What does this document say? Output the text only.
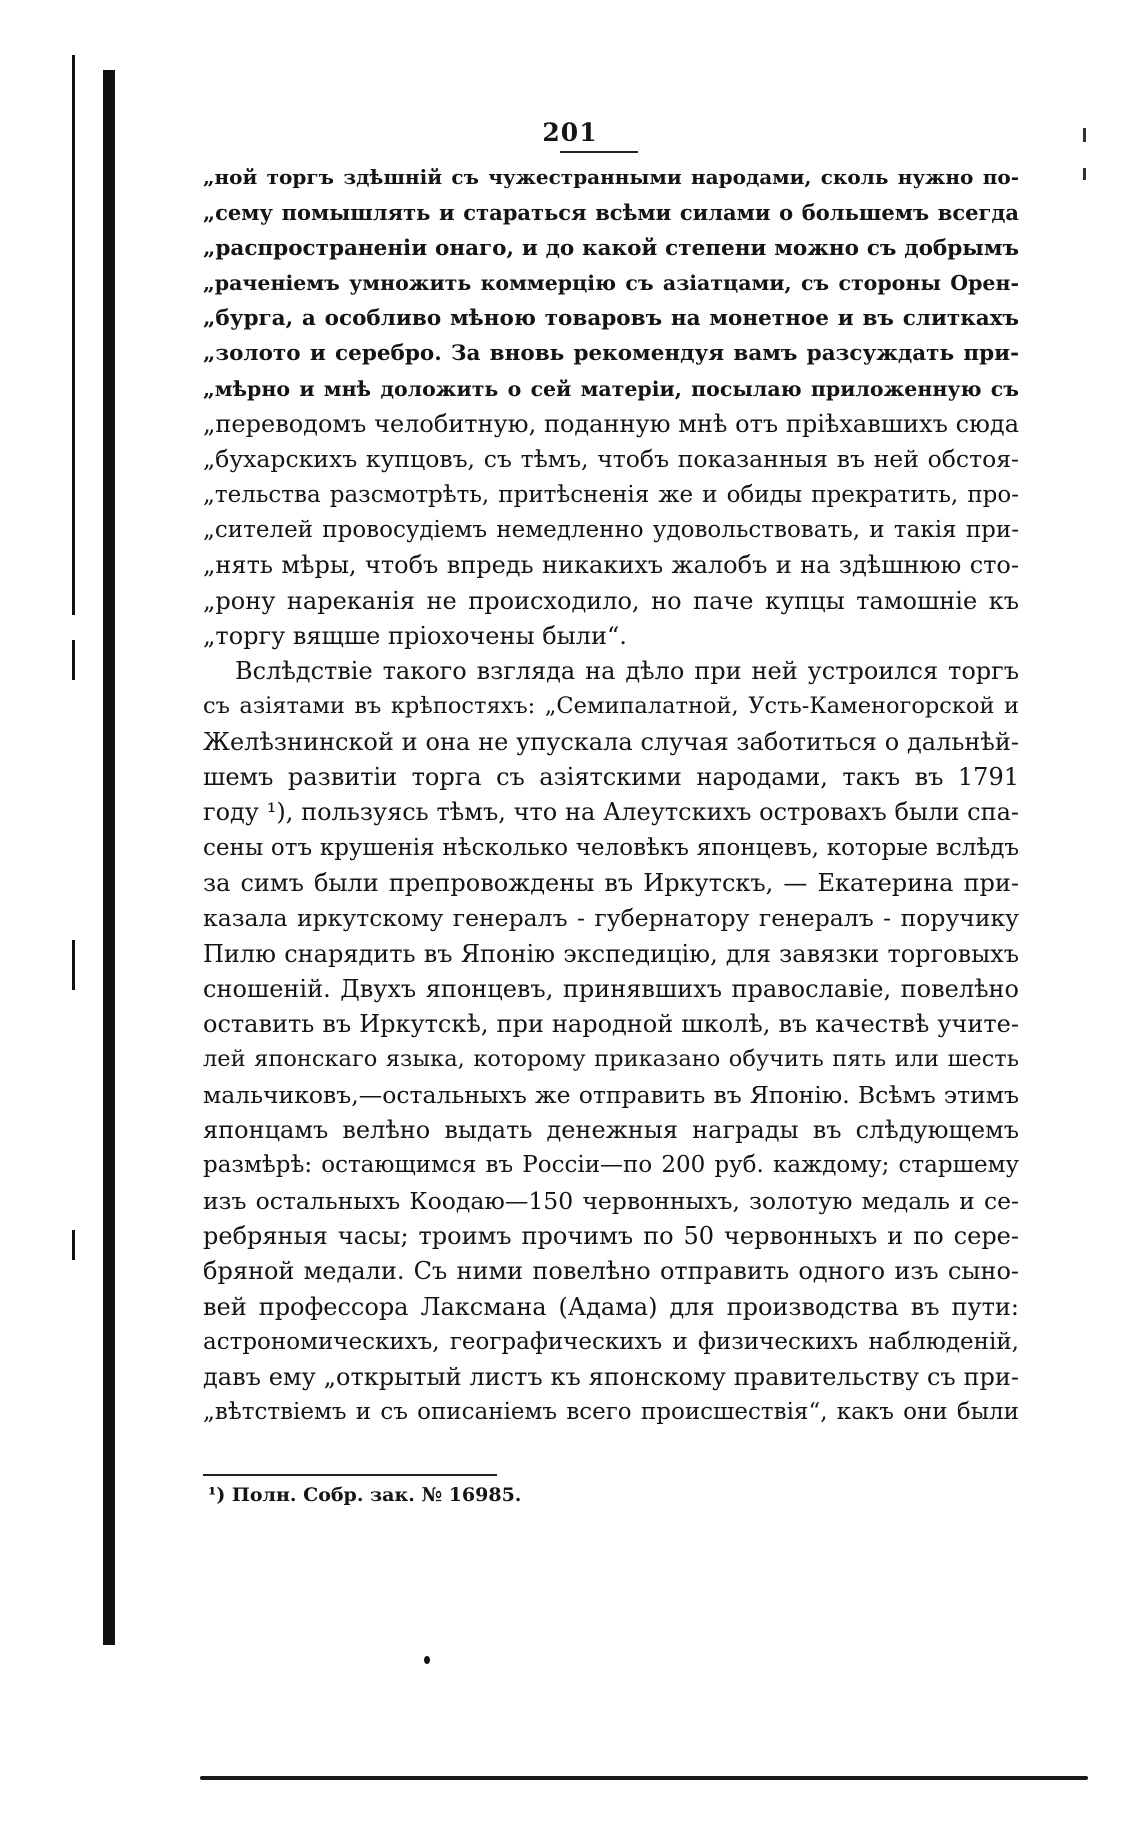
201
„ной торгъ здѣшній съ чужестранными народами, сколь нужно по-
„сему помышлять и стараться всѣми силами о большемъ всегда
„распространеніи онаго, и до какой степени можно съ добрымъ
„раченіемъ умножить коммерцію съ азіатцами, съ стороны Орен-
„бурга, а особливо мѣною товаровъ на монетное и въ слиткахъ
„золото и серебро. За вновь рекомендуя вамъ разсуждать при-
„мѣрно и мнѣ доложить о сей матеріи, посылаю приложенную съ
„переводомъ челобитную, поданную мнѣ отъ пріѣхавшихъ сюда
„бухарскихъ купцовъ, съ тѣмъ, чтобъ показанныя въ ней обстоя-
„тельства разсмотрѣть, притѣсненія же и обиды прекратить, про-
„сителей провосудіемъ немедленно удовольствовать, и такія при-
„нять мѣры, чтобъ впредь никакихъ жалобъ и на здѣшнюю сто-
„рону нареканія не происходило, но паче купцы тамошніе къ
„торгу вящше пріохочены были“.
Вслѣдствіе такого взгляда на дѣло при ней устроился торгъ
съ азіятами въ крѣпостяхъ: „Семипалатной, Усть-Каменогорской и
Желѣзнинской и она не упускала случая заботиться о дальнѣй-
шемъ развитіи торга съ азіятскими народами, такъ въ 1791
году ¹), пользуясь тѣмъ, что на Алеутскихъ островахъ были спа-
сены отъ крушенія нѣсколько человѣкъ японцевъ, которые вслѣдъ
за симъ были препровождены въ Иркутскъ, — Екатерина при-
казала иркутскому генералъ - губернатору генералъ - поручику
Пилю снарядить въ Японію экспедицію, для завязки торговыхъ
сношеній. Двухъ японцевъ, принявшихъ православіе, повелѣно
оставить въ Иркутскѣ, при народной школѣ, въ качествѣ учите-
лей японскаго языка, которому приказано обучить пять или шесть
мальчиковъ,—остальныхъ же отправить въ Японію. Всѣмъ этимъ
японцамъ велѣно выдать денежныя награды въ слѣдующемъ
размѣрѣ: остающимся въ Россіи—по 200 руб. каждому; старшему
изъ остальныхъ Коодаю—150 червонныхъ, золотую медаль и се-
ребряныя часы; троимъ прочимъ по 50 червонныхъ и по сере-
бряной медали. Съ ними повелѣно отправить одного изъ сыно-
вей профессора Лаксмана (Адама) для производства въ пути:
астрономическихъ, географическихъ и физическихъ наблюденій,
давъ ему „открытый листъ къ японскому правительству съ при-
„вѣтствіемъ и съ описаніемъ всего происшествія“, какъ они были
¹) Полн. Собр. зак. № 16985.
